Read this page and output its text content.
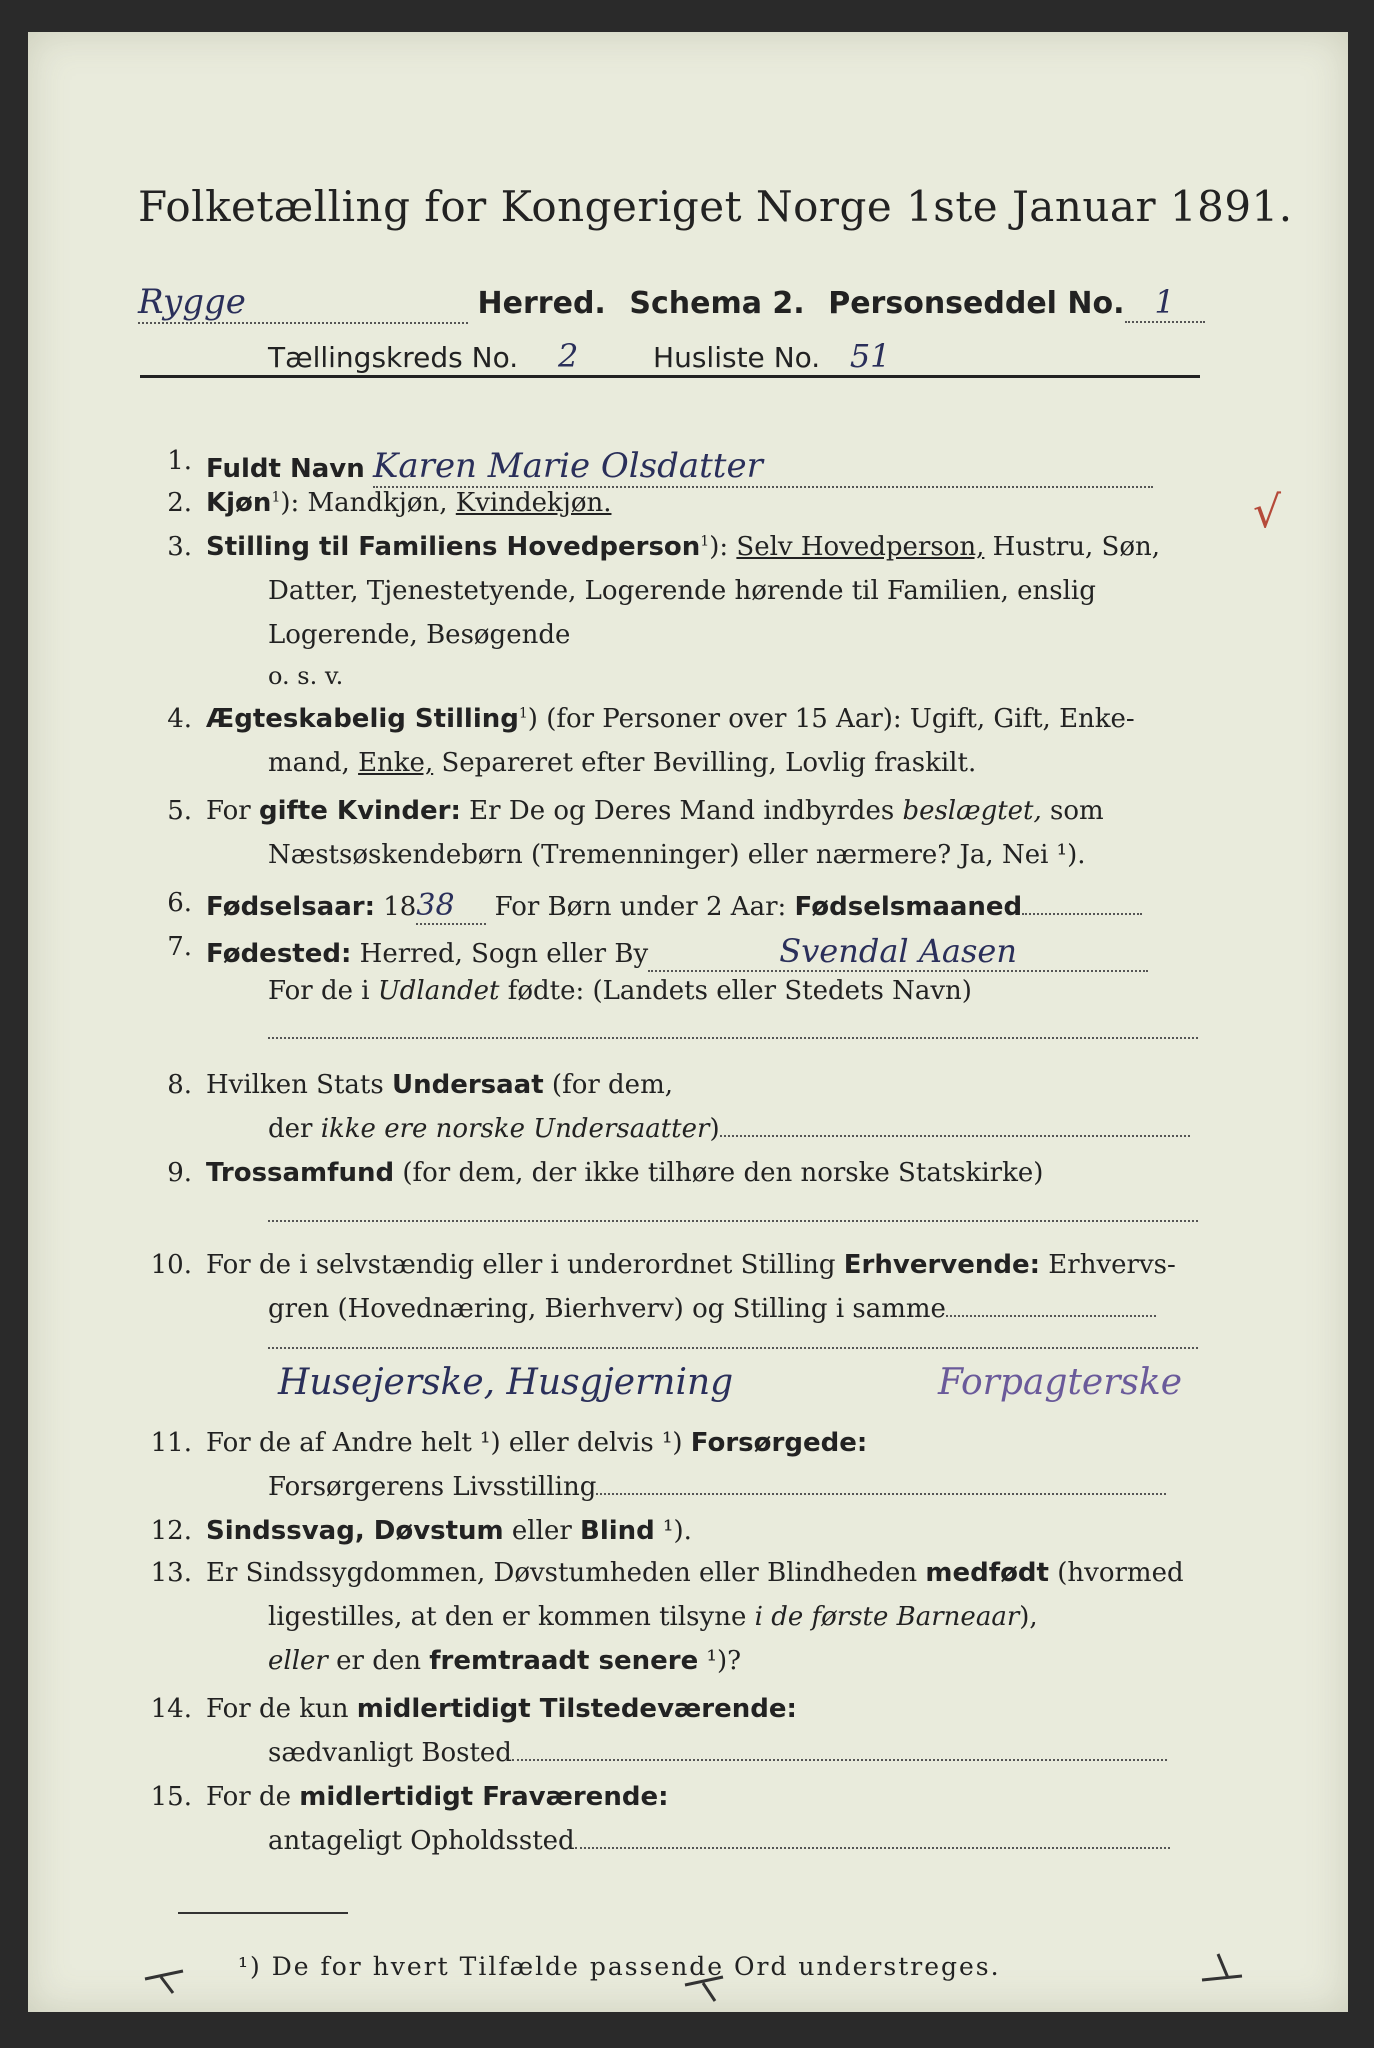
Folketælling for Kongeriget Norge 1ste Januar 1891.
Rygge	Herred. Schema 2. Personseddel No. 1
Tællingskreds No. 2	Husliste No. 51
1. Fuldt Navn Karen Marie Olsdatter
2. Kjøn$^1$): Mandkjøn, Kvindekjøn.
3. Stilling til Familiens Hovedperson$^1$): Selv Hovedperson, Hustru, Søn,
Datter, Tjenestetyende, Logerende hørende til Familien, enslig
Logerende, Besøgende
o. s. v.
√
4. Ægteskabelig Stilling$^1$) (for Personer over 15 Aar): Ugift, Gift, Enke-
mand, Enke, Separeret efter Bevilling, Lovlig fraskilt.
5. For gifte Kvinder: Er De og Deres Mand indbyrdes beslægtet, som
Næstsøskendebørn (Tremenninger) eller nærmere? Ja, Nei ¹).
6. Fødselsaar: 1838 For Børn under 2 Aar: Fødselsmaaned
7. Fødested: Herred, Sogn eller By	Svendal Aasen
For de i Udlandet fødte: (Landets eller Stedets Navn)
8. Hvilken Stats Undersaat (for dem,
der ikke ere norske Undersaatter)
9. Trossamfund (for dem, der ikke tilhøre den norske Statskirke)
10. For de i selvstændig eller i underordnet Stilling Erhvervende: Erhvervs-
gren (Hovednæring, Bierhverv) og Stilling i samme
Husejerske, Husgjerning	Forpagterske
11. For de af Andre helt ¹) eller delvis ¹) Forsørgede:
Forsørgerens Livsstilling
12. Sindssvag, Døvstum eller Blind ¹).
13. Er Sindssygdommen, Døvstumheden eller Blindheden medfødt (hvormed
ligestilles, at den er kommen tilsyne i de første Barneaar),
eller er den fremtraadt senere ¹)?
14. For de kun midlertidigt Tilstedeværende:
sædvanligt Bosted
15. For de midlertidigt Fraværende:
antageligt Opholdssted
¹) De for hvert Tilfælde passende Ord understreges.
